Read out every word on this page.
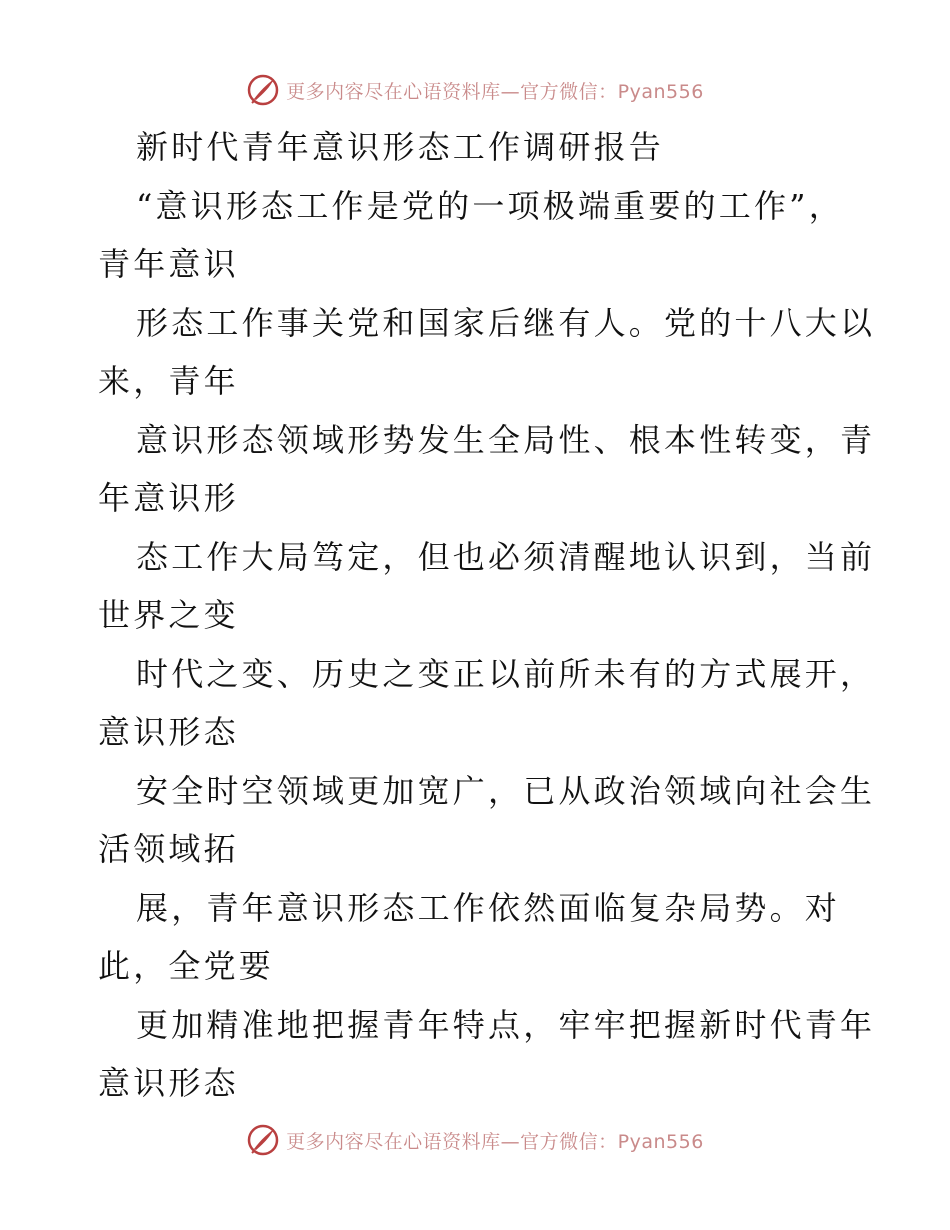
更多内容尽在心语资料库—官方微信：Pyan556
新时代青年意识形态工作调研报告
“意识形态工作是党的一项极端重要的工作”，
青年意识
形态工作事关党和国家后继有人。党的十八大以
来，青年
意识形态领域形势发生全局性、根本性转变，青
年意识形
态工作大局笃定，但也必须清醒地认识到，当前
世界之变
时代之变、历史之变正以前所未有的方式展开，
意识形态
安全时空领域更加宽广，已从政治领域向社会生
活领域拓
展，青年意识形态工作依然面临复杂局势。对
此，全党要
更加精准地把握青年特点，牢牢把握新时代青年
意识形态
更多内容尽在心语资料库—官方微信：Pyan556
